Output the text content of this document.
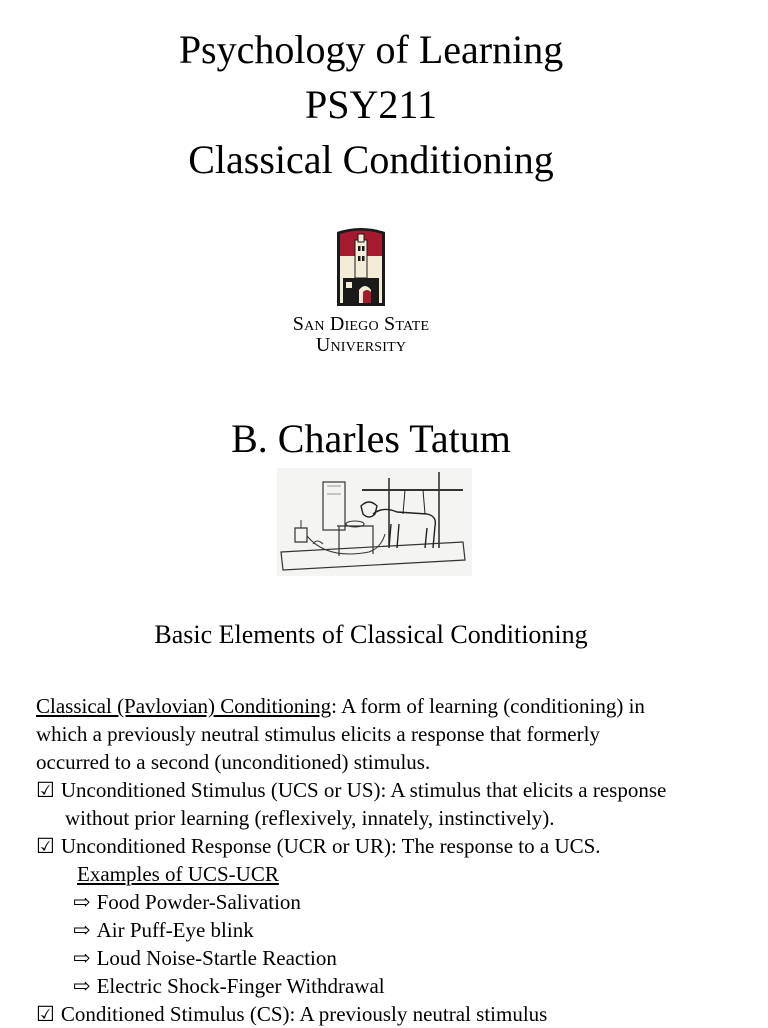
Psychology of Learning
PSY211
Classical Conditioning
San Diego State
University
B. Charles Tatum
Basic Elements of Classical Conditioning
Classical (Pavlovian) Conditioning: A form of learning (conditioning) in
which a previously neutral stimulus elicits a response that formerly
occurred to a second (unconditioned) stimulus.
☑ Unconditioned Stimulus (UCS or US): A stimulus that elicits a response
without prior learning (reflexively, innately, instinctively).
☑ Unconditioned Response (UCR or UR): The response to a UCS.
Examples of UCS-UCR
⇨ Food Powder-Salivation
⇨ Air Puff-Eye blink
⇨ Loud Noise-Startle Reaction
⇨ Electric Shock-Finger Withdrawal
☑ Conditioned Stimulus (CS): A previously neutral stimulus
